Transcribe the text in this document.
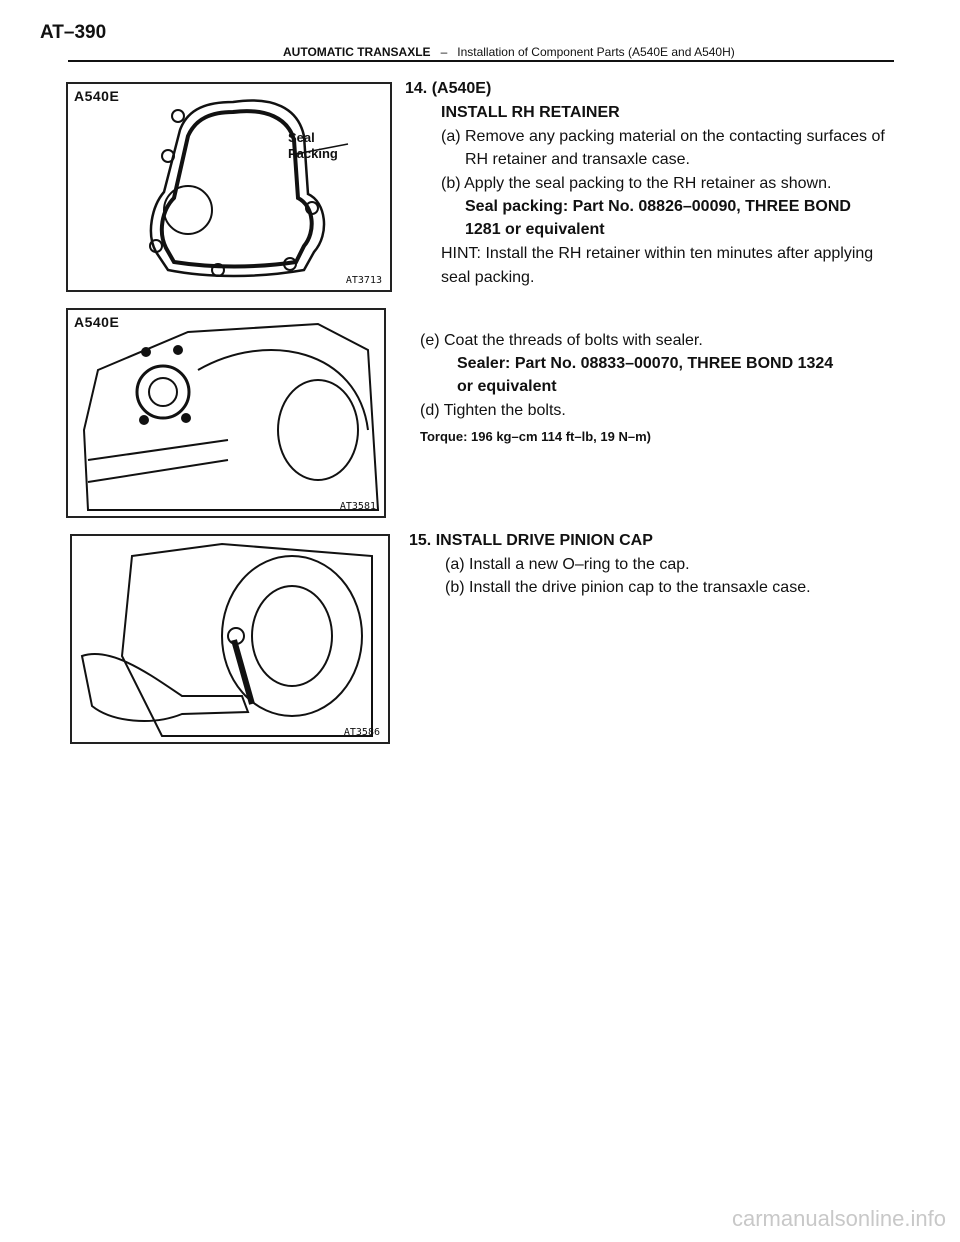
AT–390
AUTOMATIC TRANSAXLE – Installation of Component Parts (A540E and A540H)
A540E
Seal
Packing
AT3713
A540E
AT3581
AT3586
14. (A540E)
INSTALL RH RETAINER
(a) Remove any packing material on the contacting surfaces of
RH retainer and transaxle case.
(b) Apply the seal packing to the RH retainer as shown.
Seal packing: Part No. 08826–00090, THREE BOND
1281 or equivalent
HINT: Install the RH retainer within ten minutes after applying
seal packing.
(e) Coat the threads of bolts with sealer.
Sealer: Part No. 08833–00070, THREE BOND 1324
or equivalent
(d) Tighten the bolts.
Torque: 196 kg–cm 114 ft–lb, 19 N–m)
15. INSTALL DRIVE PINION CAP
(a) Install a new O–ring to the cap.
(b) Install the drive pinion cap to the transaxle case.
carmanualsonline.info
